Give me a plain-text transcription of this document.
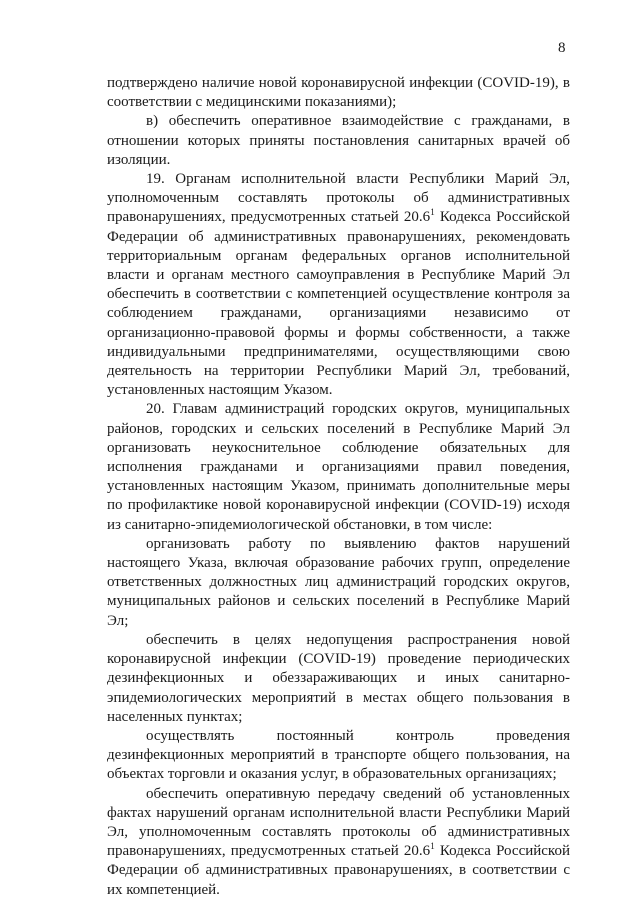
8

подтверждено наличие новой коронавирусной инфекции (COVID-19), в соответствии с медицинскими показаниями);

в) обеспечить оперативное взаимодействие с гражданами, в отношении которых приняты постановления санитарных врачей об изоляции.

19. Органам исполнительной власти Республики Марий Эл, уполномоченным составлять протоколы об административных правонарушениях, предусмотренных статьей 20.6$^1$ Кодекса Российской Федерации об административных правонарушениях, рекомендовать территориальным органам федеральных органов исполнительной власти и органам местного самоуправления в Республике Марий Эл обеспечить в соответствии с компетенцией осуществление контроля за соблюдением гражданами, организациями независимо от организационно-правовой формы и формы собственности, а также индивидуальными предпринимателями, осуществляющими свою деятельность на территории Республики Марий Эл, требований, установленных настоящим Указом.

20. Главам администраций городских округов, муниципальных районов, городских и сельских поселений в Республике Марий Эл организовать неукоснительное соблюдение обязательных для исполнения гражданами и организациями правил поведения, установленных настоящим Указом, принимать дополнительные меры по профилактике новой коронавирусной инфекции (COVID-19) исходя из санитарно-эпидемиологической обстановки, в том числе:

организовать работу по выявлению фактов нарушений настоящего Указа, включая образование рабочих групп, определение ответственных должностных лиц администраций городских округов, муниципальных районов и сельских поселений в Республике Марий Эл;

обеспечить в целях недопущения распространения новой коронавирусной инфекции (COVID-19) проведение периодических дезинфекционных и обеззараживающих и иных санитарно-эпидемиологических мероприятий в местах общего пользования в населенных пунктах;

осуществлять постоянный контроль проведения дезинфекционных мероприятий в транспорте общего пользования, на объектах торговли и оказания услуг, в образовательных организациях;

обеспечить оперативную передачу сведений об установленных фактах нарушений органам исполнительной власти Республики Марий Эл, уполномоченным составлять протоколы об административных правонарушениях, предусмотренных статьей 20.6$^1$ Кодекса Российской Федерации об административных правонарушениях, в соответствии с их компетенцией.
